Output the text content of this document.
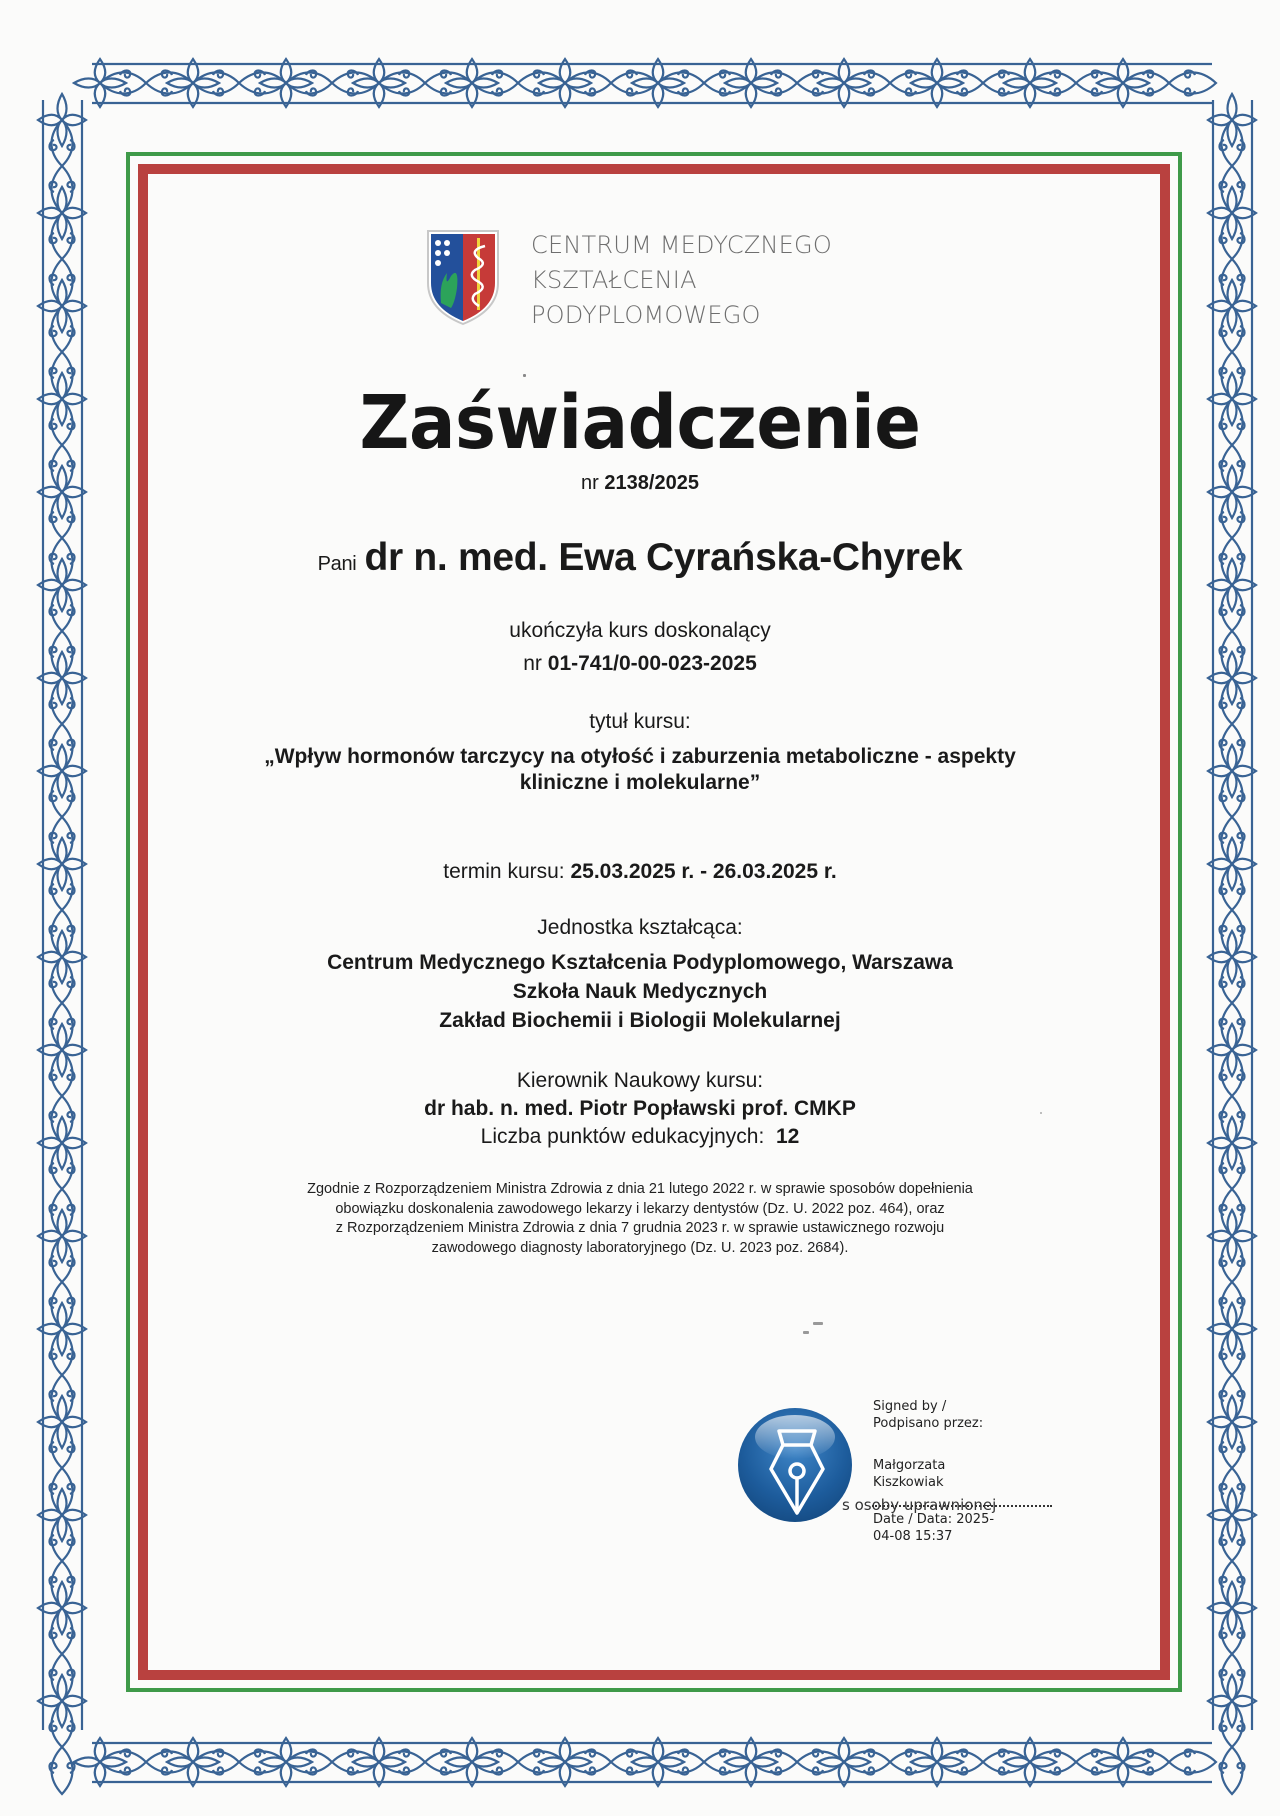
CENTRUM MEDYCZNEGO
KSZTAŁCENIA
PODYPLOMOWEGO
Zaświadczenie
nr 2138/2025
Pani dr n. med. Ewa Cyrańska-Chyrek
ukończyła kurs doskonalący
nr 01-741/0-00-023-2025
tytuł kursu:
„Wpływ hormonów tarczycy na otyłość i zaburzenia metaboliczne - aspekty
kliniczne i molekularne”
termin kursu: 25.03.2025 r. - 26.03.2025 r.
Jednostka kształcąca:
Centrum Medycznego Kształcenia Podyplomowego, Warszawa
Szkoła Nauk Medycznych
Zakład Biochemii i Biologii Molekularnej
Kierownik Naukowy kursu:
dr hab. n. med. Piotr Popławski prof. CMKP
Liczba punktów edukacyjnych: 12
Zgodnie z Rozporządzeniem Ministra Zdrowia z dnia 21 lutego 2022 r. w sprawie sposobów dopełnienia
obowiązku doskonalenia zawodowego lekarzy i lekarzy dentystów (Dz. U. 2022 poz. 464), oraz
z Rozporządzeniem Ministra Zdrowia z dnia 7 grudnia 2023 r. w sprawie ustawicznego rozwoju
zawodowego diagnosty laboratoryjnego (Dz. U. 2023 poz. 2684).
s osoby uprawnionej
Signed by /
Podpisano przez:
Małgorzata
Kiszkowiak
Date / Data: 2025-
04-08 15:37
